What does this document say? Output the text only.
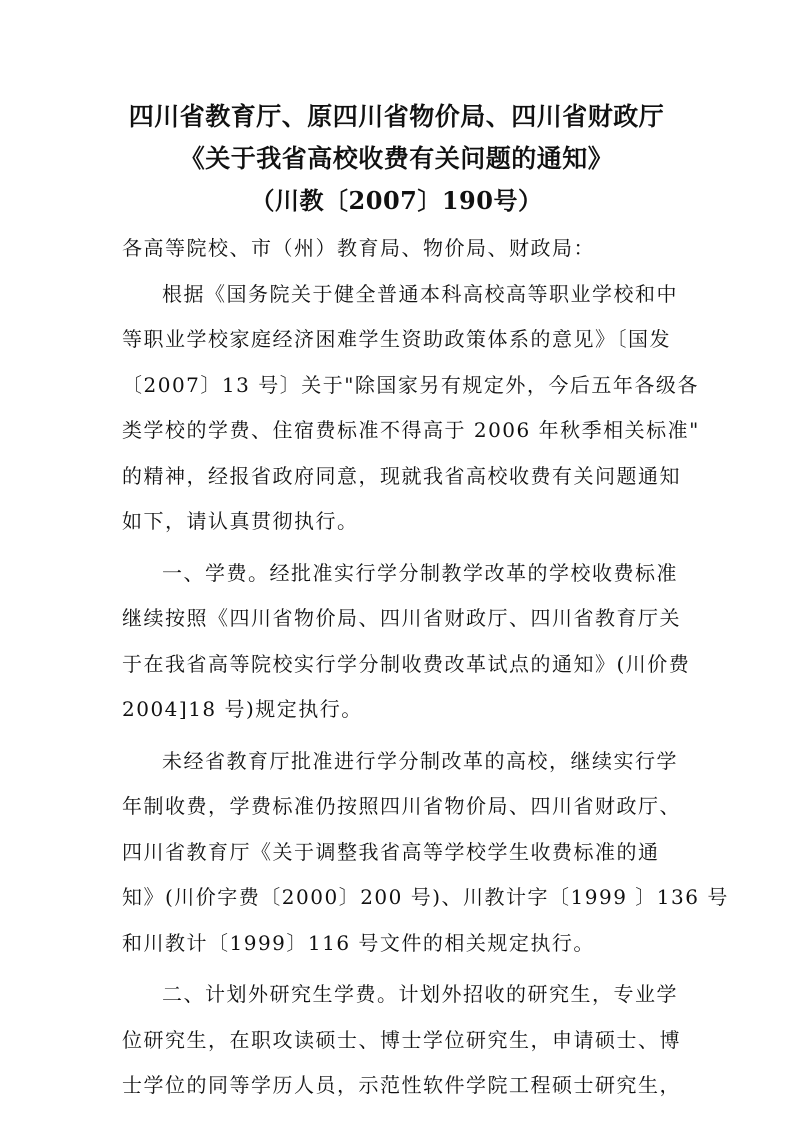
四川省教育厅、原四川省物价局、四川省财政厅
《关于我省高校收费有关问题的通知》
（川教〔2007〕190号）
各高等院校、市（州）教育局、物价局、财政局：
根据《国务院关于健全普通本科高校高等职业学校和中
等职业学校家庭经济困难学生资助政策体系的意见》〔国发
〔2007〕13 号〕关于"除国家另有规定外，今后五年各级各
类学校的学费、住宿费标准不得高于 2006 年秋季相关标准"
的精神，经报省政府同意，现就我省高校收费有关问题通知
如下，请认真贯彻执行。
一、学费。经批准实行学分制教学改革的学校收费标准
继续按照《四川省物价局、四川省财政厅、四川省教育厅关
于在我省高等院校实行学分制收费改革试点的通知》(川价费
2004]18 号)规定执行。
未经省教育厅批准进行学分制改革的高校，继续实行学
年制收费，学费标准仍按照四川省物价局、四川省财政厅、
四川省教育厅《关于调整我省高等学校学生收费标准的通
知》(川价字费〔2000〕200 号)、川教计字〔1999 〕136 号
和川教计〔1999〕116 号文件的相关规定执行。
二、计划外研究生学费。计划外招收的研究生，专业学
位研究生，在职攻读硕士、博士学位研究生，申请硕士、博
士学位的同等学历人员，示范性软件学院工程硕士研究生，
